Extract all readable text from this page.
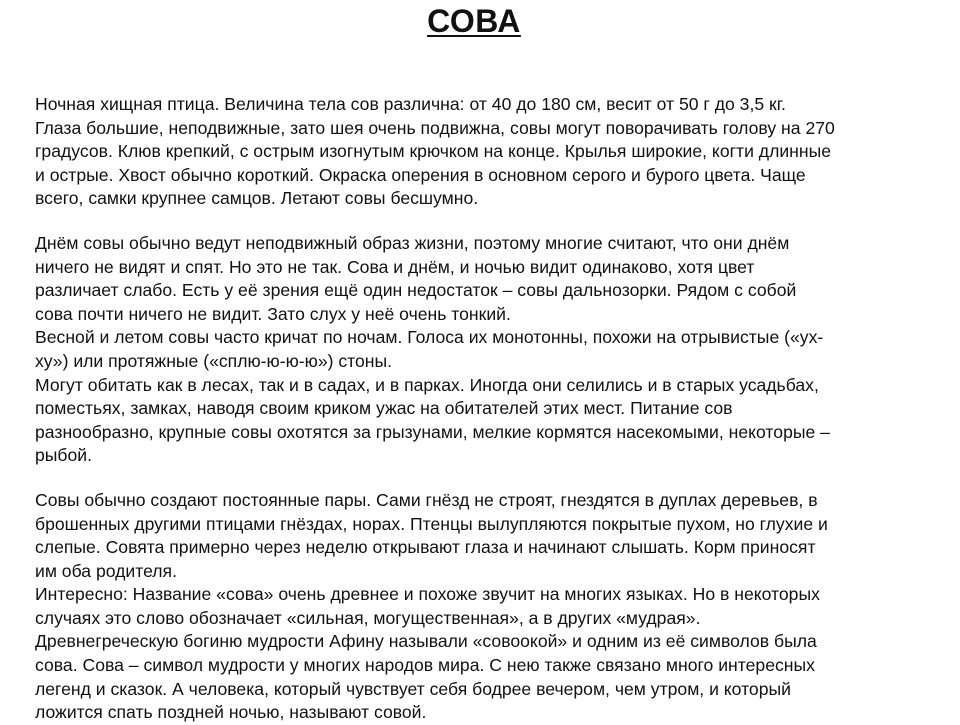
СОВА

Ночная хищная птица. Величина тела сов различна: от 40 до 180 см, весит от 50 г до 3,5 кг.
Глаза большие, неподвижные, зато шея очень подвижна, совы могут поворачивать голову на 270
градусов. Клюв крепкий, с острым изогнутым крючком на конце. Крылья широкие, когти длинные
и острые. Хвост обычно короткий. Окраска оперения в основном серого и бурого цвета. Чаще
всего, самки крупнее самцов. Летают совы бесшумно.

Днём совы обычно ведут неподвижный образ жизни, поэтому многие считают, что они днём
ничего не видят и спят. Но это не так. Сова и днём, и ночью видит одинаково, хотя цвет
различает слабо. Есть у её зрения ещё один недостаток – совы дальнозорки. Рядом с собой
сова почти ничего не видит. Зато слух у неё очень тонкий.
Весной и летом совы часто кричат по ночам. Голоса их монотонны, похожи на отрывистые («ух-
ху») или протяжные («сплю-ю-ю-ю») стоны.
Могут обитать как в лесах, так и в садах, и в парках. Иногда они селились и в старых усадьбах,
поместьях, замках, наводя своим криком ужас на обитателей этих мест. Питание сов
разнообразно, крупные совы охотятся за грызунами, мелкие кормятся насекомыми, некоторые –
рыбой.

Совы обычно создают постоянные пары. Сами гнёзд не строят, гнездятся в дуплах деревьев, в
брошенных другими птицами гнёздах, норах. Птенцы вылупляются покрытые пухом, но глухие и
слепые. Совята примерно через неделю открывают глаза и начинают слышать. Корм приносят
им оба родителя.
Интересно: Название «сова» очень древнее и похоже звучит на многих языках. Но в некоторых
случаях это слово обозначает «сильная, могущественная», а в других «мудрая».
Древнегреческую богиню мудрости Афину называли «совоокой» и одним из её символов была
сова. Сова – символ мудрости у многих народов мира. С нею также связано много интересных
легенд и сказок. А человека, который чувствует себя бодрее вечером, чем утром, и который
ложится спать поздней ночью, называют совой.
